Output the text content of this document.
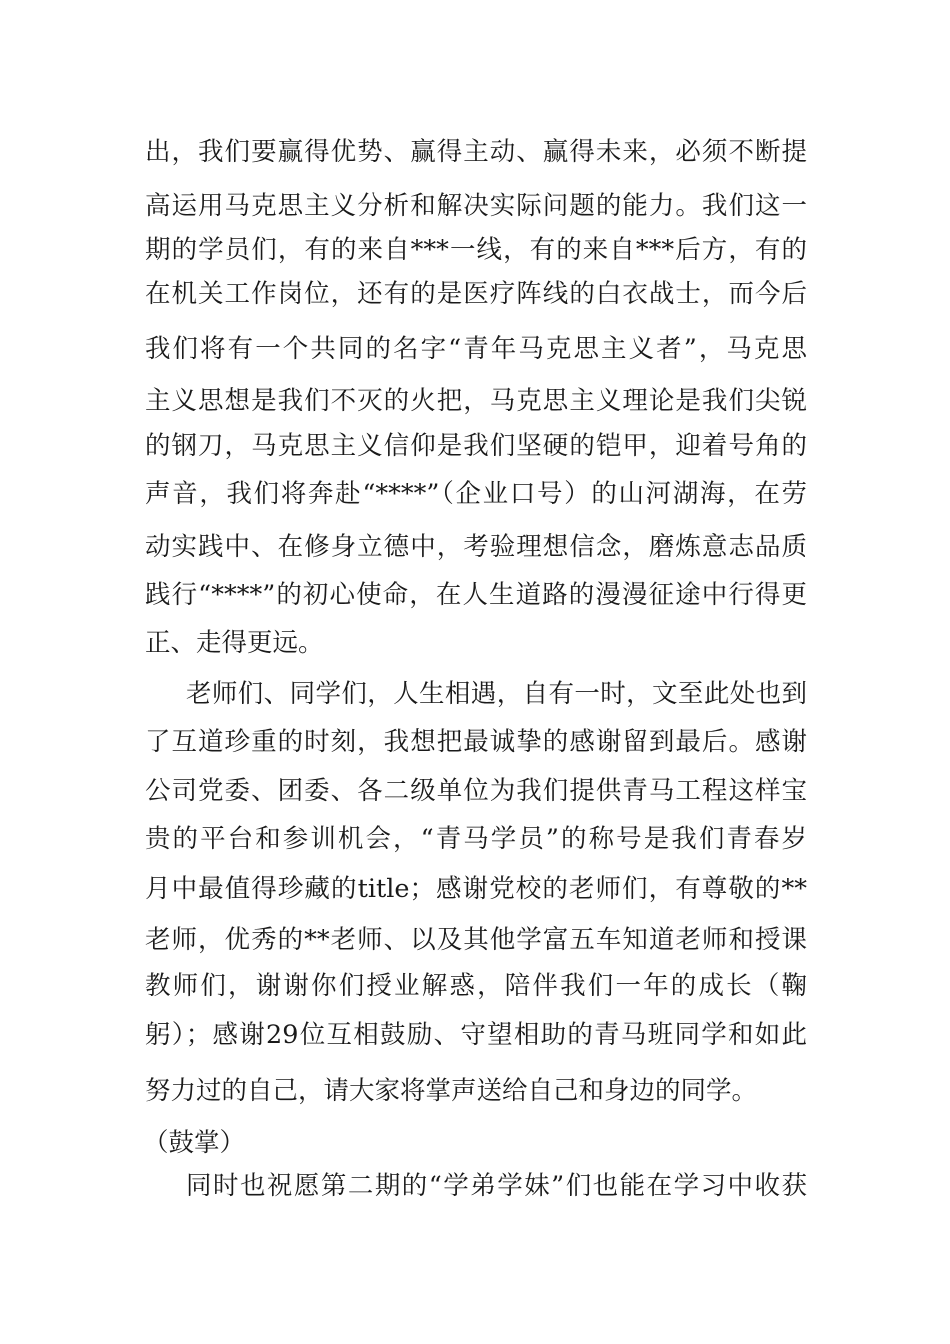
出，我们要赢得优势、赢得主动、赢得未来，必须不断提
高运用马克思主义分析和解决实际问题的能力。我们这一
期的学员们，有的来自***一线，有的来自***后方，有的
在机关工作岗位，还有的是医疗阵线的白衣战士，而今后
我们将有一个共同的名字“青年马克思主义者”，马克思
主义思想是我们不灭的火把，马克思主义理论是我们尖锐
的钢刀，马克思主义信仰是我们坚硬的铠甲，迎着号角的
声音，我们将奔赴“****”（企业口号）的山河湖海，在劳
动实践中、在修身立德中，考验理想信念，磨炼意志品质
践行“****”的初心使命，在人生道路的漫漫征途中行得更
正、走得更远。
老师们、同学们，人生相遇，自有一时，文至此处也到
了互道珍重的时刻，我想把最诚挚的感谢留到最后。感谢
公司党委、团委、各二级单位为我们提供青马工程这样宝
贵的平台和参训机会，“青马学员”的称号是我们青春岁
月中最值得珍藏的title；感谢党校的老师们，有尊敬的**
老师，优秀的**老师、以及其他学富五车知道老师和授课
教师们，谢谢你们授业解惑，陪伴我们一年的成长（鞠
躬）；感谢29位互相鼓励、守望相助的青马班同学和如此
努力过的自己，请大家将掌声送给自己和身边的同学。
（鼓掌）
同时也祝愿第二期的“学弟学妹”们也能在学习中收获
